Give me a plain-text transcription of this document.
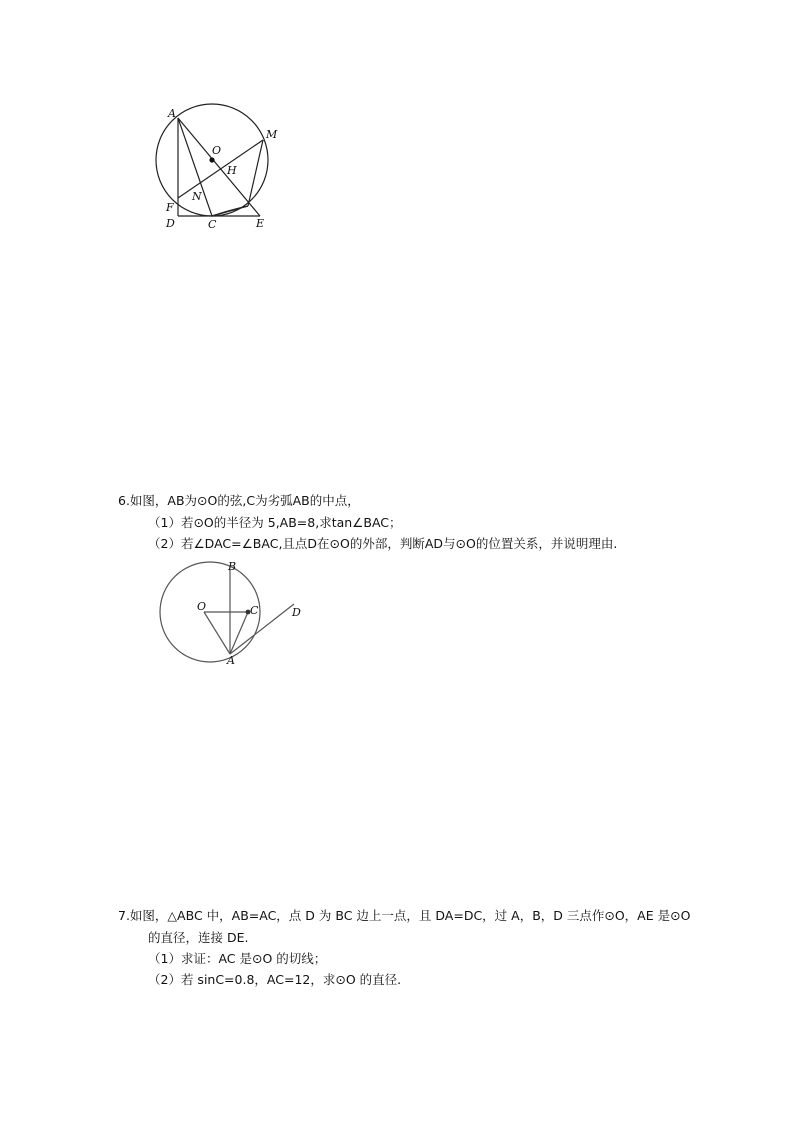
A
M
O
H
N
F
D	C	E
6.如图，AB为⊙O的弦,C为劣弧AB的中点，
（1）若⊙O的半径为 5,AB=8,求tan∠BAC；
（2）若∠DAC=∠BAC,且点D在⊙O的外部，判断AD与⊙O的位置关系，并说明理由.
B
O	C	D
A
7.如图，△ABC 中，AB=AC，点 D 为 BC 边上一点，且 DA=DC，过 A，B，D 三点作⊙O，AE 是⊙O
的直径，连接 DE.
（1）求证：AC 是⊙O 的切线；
（2）若 sinC=0.8，AC=12，求⊙O 的直径.
